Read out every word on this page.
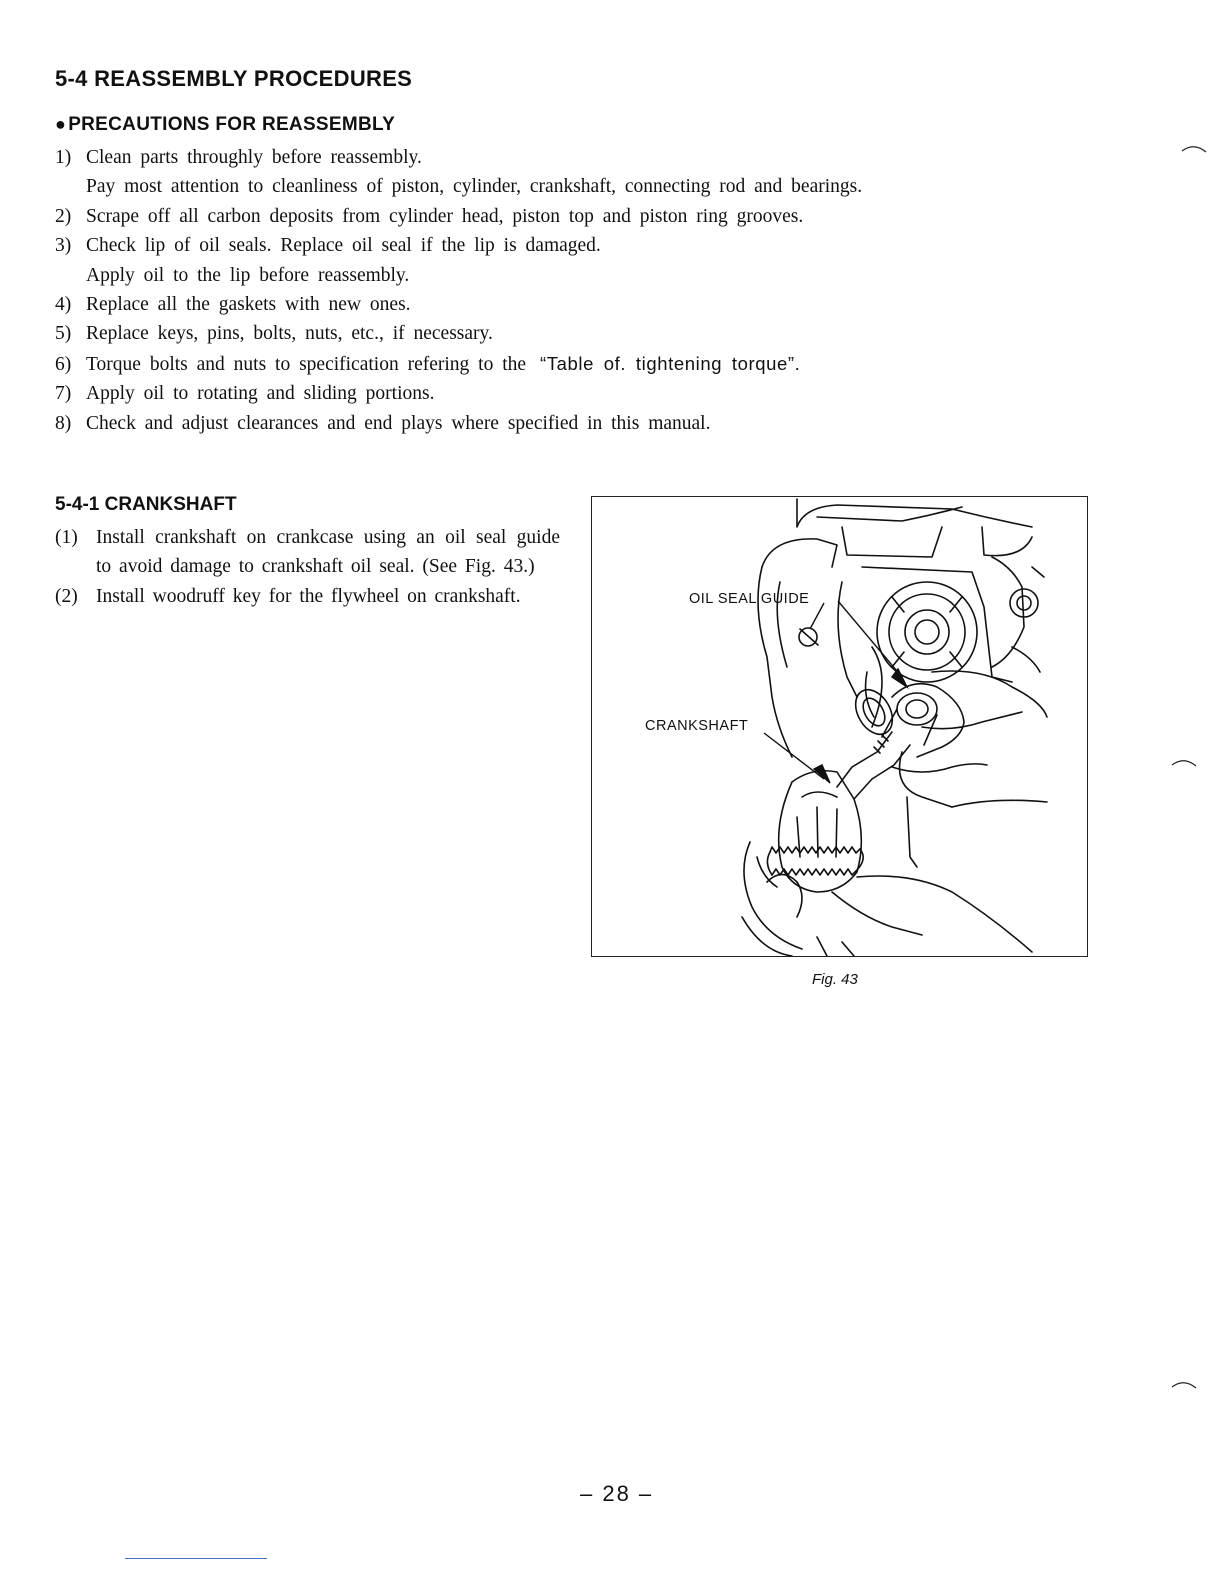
5-4 REASSEMBLY PROCEDURES
● PRECAUTIONS FOR REASSEMBLY
1) Clean parts throughly before reassembly.
Pay most attention to cleanliness of piston, cylinder, crankshaft, connecting rod and bearings.
2) Scrape off all carbon deposits from cylinder head, piston top and piston ring grooves.
3) Check lip of oil seals. Replace oil seal if the lip is damaged.
Apply oil to the lip before reassembly.
4) Replace all the gaskets with new ones.
5) Replace keys, pins, bolts, nuts, etc., if necessary.
6) Torque bolts and nuts to specification refering to the “Table of. tightening torque”.
7) Apply oil to rotating and sliding portions.
8) Check and adjust clearances and end plays where specified in this manual.
5-4-1 CRANKSHAFT
(1) Install crankshaft on crankcase using an oil seal guide to avoid damage to crankshaft oil seal. (See Fig. 43.)
(2) Install woodruff key for the flywheel on crankshaft.	OIL SEAL GUIDE
CRANKSHAFT
Fig. 43
– 28 –
